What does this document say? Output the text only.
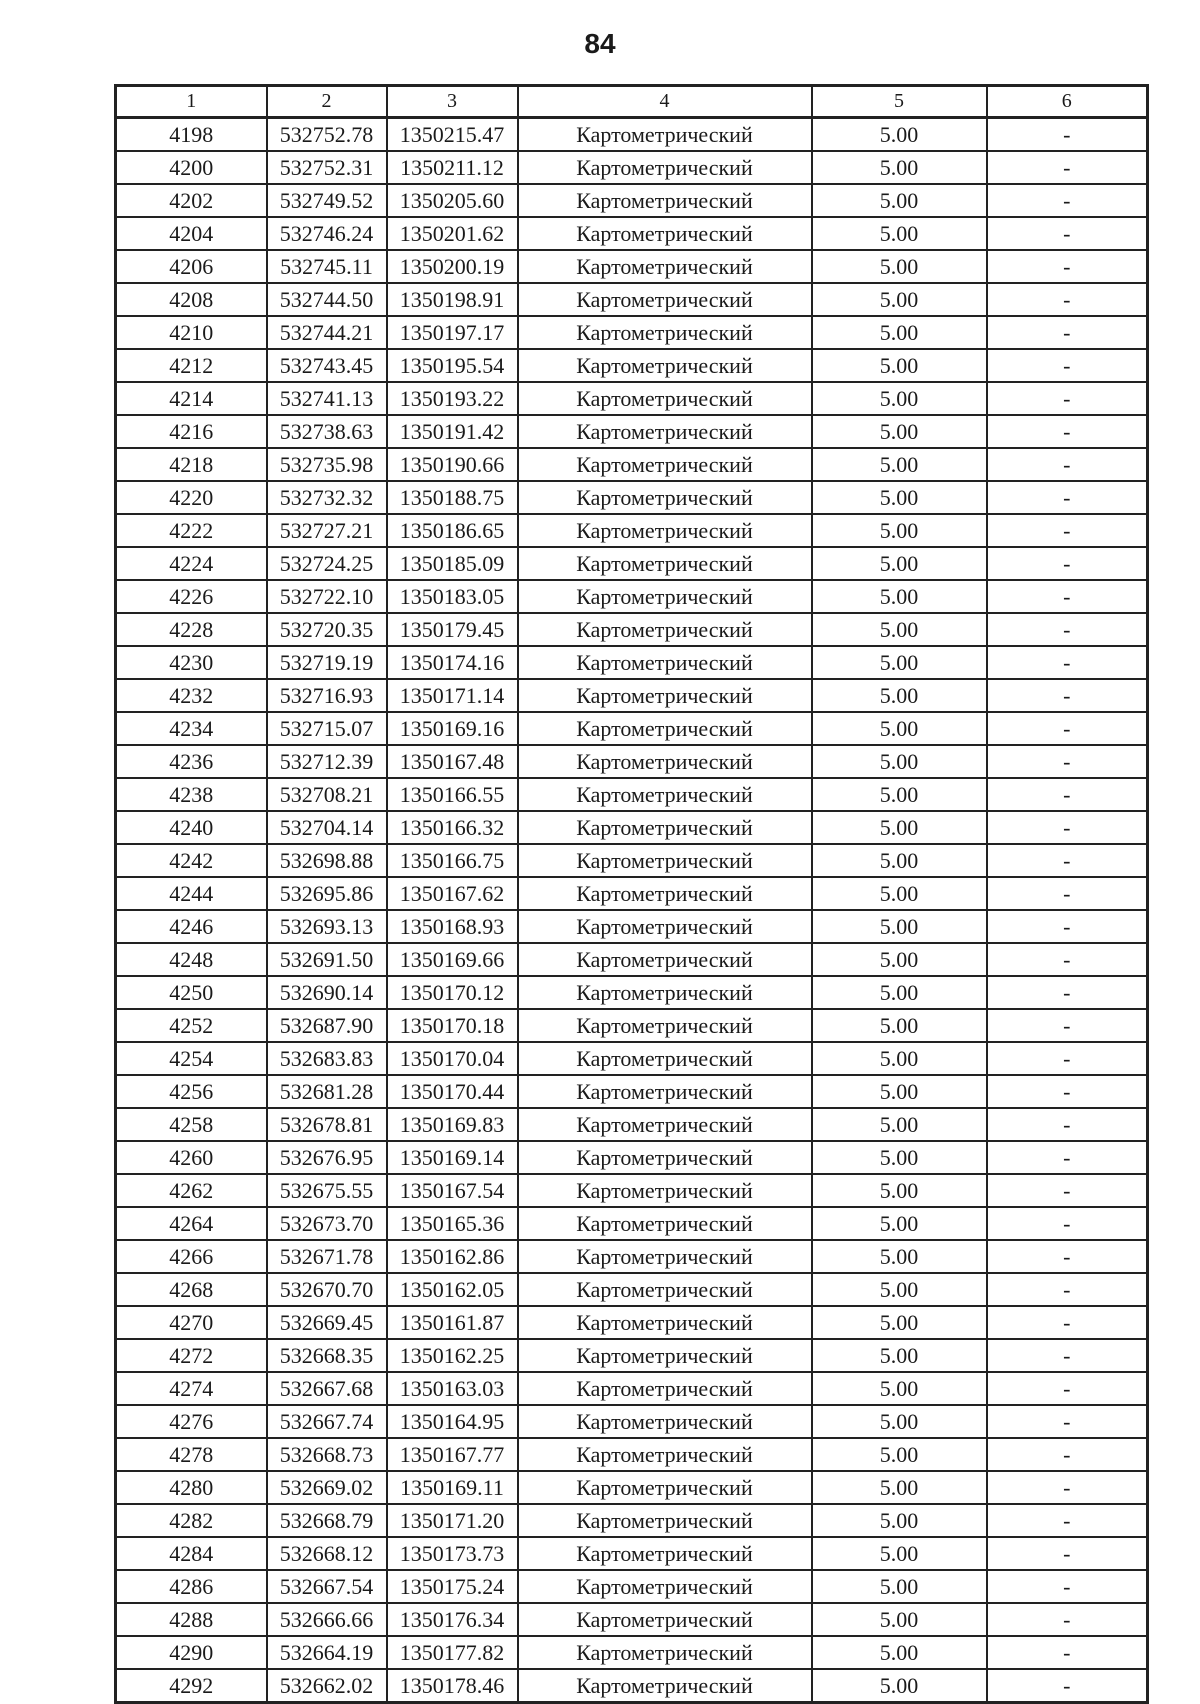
84
1	2	3	4	5	6
4198	532752.78	1350215.47	Картометрический	5.00	-
4200	532752.31	1350211.12	Картометрический	5.00	-
4202	532749.52	1350205.60	Картометрический	5.00	-
4204	532746.24	1350201.62	Картометрический	5.00	-
4206	532745.11	1350200.19	Картометрический	5.00	-
4208	532744.50	1350198.91	Картометрический	5.00	-
4210	532744.21	1350197.17	Картометрический	5.00	-
4212	532743.45	1350195.54	Картометрический	5.00	-
4214	532741.13	1350193.22	Картометрический	5.00	-
4216	532738.63	1350191.42	Картометрический	5.00	-
4218	532735.98	1350190.66	Картометрический	5.00	-
4220	532732.32	1350188.75	Картометрический	5.00	-
4222	532727.21	1350186.65	Картометрический	5.00	-
4224	532724.25	1350185.09	Картометрический	5.00	-
4226	532722.10	1350183.05	Картометрический	5.00	-
4228	532720.35	1350179.45	Картометрический	5.00	-
4230	532719.19	1350174.16	Картометрический	5.00	-
4232	532716.93	1350171.14	Картометрический	5.00	-
4234	532715.07	1350169.16	Картометрический	5.00	-
4236	532712.39	1350167.48	Картометрический	5.00	-
4238	532708.21	1350166.55	Картометрический	5.00	-
4240	532704.14	1350166.32	Картометрический	5.00	-
4242	532698.88	1350166.75	Картометрический	5.00	-
4244	532695.86	1350167.62	Картометрический	5.00	-
4246	532693.13	1350168.93	Картометрический	5.00	-
4248	532691.50	1350169.66	Картометрический	5.00	-
4250	532690.14	1350170.12	Картометрический	5.00	-
4252	532687.90	1350170.18	Картометрический	5.00	-
4254	532683.83	1350170.04	Картометрический	5.00	-
4256	532681.28	1350170.44	Картометрический	5.00	-
4258	532678.81	1350169.83	Картометрический	5.00	-
4260	532676.95	1350169.14	Картометрический	5.00	-
4262	532675.55	1350167.54	Картометрический	5.00	-
4264	532673.70	1350165.36	Картометрический	5.00	-
4266	532671.78	1350162.86	Картометрический	5.00	-
4268	532670.70	1350162.05	Картометрический	5.00	-
4270	532669.45	1350161.87	Картометрический	5.00	-
4272	532668.35	1350162.25	Картометрический	5.00	-
4274	532667.68	1350163.03	Картометрический	5.00	-
4276	532667.74	1350164.95	Картометрический	5.00	-
4278	532668.73	1350167.77	Картометрический	5.00	-
4280	532669.02	1350169.11	Картометрический	5.00	-
4282	532668.79	1350171.20	Картометрический	5.00	-
4284	532668.12	1350173.73	Картометрический	5.00	-
4286	532667.54	1350175.24	Картометрический	5.00	-
4288	532666.66	1350176.34	Картометрический	5.00	-
4290	532664.19	1350177.82	Картометрический	5.00	-
4292	532662.02	1350178.46	Картометрический	5.00	-
